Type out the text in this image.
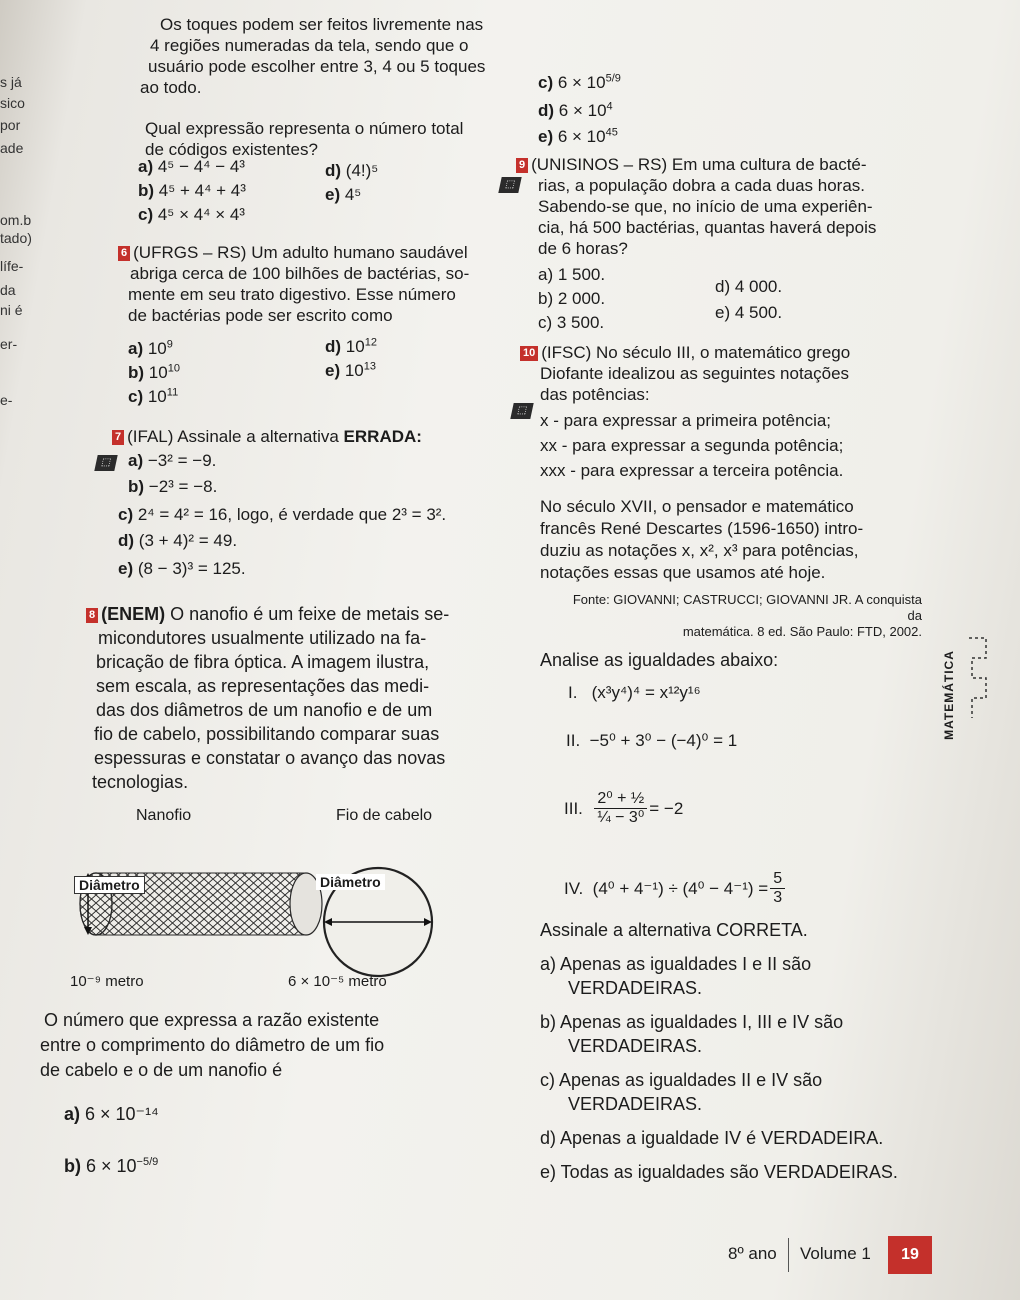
s já
sico
por
ade
om.b
tado)
lífe-
da
ni é
er-
e-
Os toques podem ser feitos livremente nas
4 regiões numeradas da tela, sendo que o
usuário pode escolher entre 3, 4 ou 5 toques
ao todo.
Qual expressão representa o número total
de códigos existentes?
a) 4⁵ − 4⁴ − 4³
b) 4⁵ + 4⁴ + 4³
c) 4⁵ × 4⁴ × 4³
d) (4!)⁵
e) 4⁵
c) $6 \times 10^{5/9}$
d) $6 \times 10^4$
e) $6 \times 10^{45}$
9 (UNISINOS – RS) Em uma cultura de bacté-
rias, a população dobra a cada duas horas.
Sabendo-se que, no início de uma experiên-
cia, há 500 bactérias, quantas haverá depois
de 6 horas?
⬚
a) 1 500.
b) 2 000.
c) 3 500.
d) 4 000.
e) 4 500.
6 (UFRGS – RS) Um adulto humano saudável
abriga cerca de 100 bilhões de bactérias, so-
mente em seu trato digestivo. Esse número
de bactérias pode ser escrito como
a) $10^9$
b) $10^{10}$
c) $10^{11}$
d) $10^{12}$
e) $10^{13}$
7 (IFAL) Assinale a alternativa ERRADA:
⬚ a) −3² = −9.
b) −2³ = −8.
c) 2⁴ = 4² = 16, logo, é verdade que 2³ = 3².
d) (3 + 4)² = 49.
e) (8 − 3)³ = 125.
8 (ENEM) O nanofio é um feixe de metais se-
micondutores usualmente utilizado na fa-
bricação de fibra óptica. A imagem ilustra,
sem escala, as representações das medi-
das dos diâmetros de um nanofio e de um
fio de cabelo, possibilitando comparar suas
espessuras e constatar o avanço das novas
tecnologias.
Nanofio	Fio de cabelo
Diâmetro	Diâmetro
10⁻⁹ metro	6 × 10⁻⁵ metro
O número que expressa a razão existente
entre o comprimento do diâmetro de um fio
de cabelo e o de um nanofio é
a) 6 × 10⁻¹⁴
b) $6 \times 10^{-5/9}$
10 (IFSC) No século III, o matemático grego
Diofante idealizou as seguintes notações
das potências:
⬚
x - para expressar a primeira potência;
xx - para expressar a segunda potência;
xxx - para expressar a terceira potência.
No século XVII, o pensador e matemático
francês René Descartes (1596-1650) intro-
duziu as notações x, x², x³ para potências,
notações essas que usamos até hoje.
Fonte: GIOVANNI; CASTRUCCI; GIOVANNI JR. A conquista da
matemática. 8 ed. São Paulo: FTD, 2002.
Analise as igualdades abaixo:
I.   (x³y⁴)⁴ = x¹²y¹⁶
II.  −5⁰ + 3⁰ − (−4)⁰ = 1
III. $\frac{\text{2⁰ + ½}}{\text{¼ − 3⁰}} = -2$
IV. $(4^0 + 4^{-1}) \div (4^0 - 4^{-1}) = \frac{5}{3}$
Assinale a alternativa CORRETA.
a) Apenas as igualdades I e II são
VERDADEIRAS.
b) Apenas as igualdades I, III e IV são
VERDADEIRAS.
c) Apenas as igualdades II e IV são
VERDADEIRAS.
d) Apenas a igualdade IV é VERDADEIRA.
e) Todas as igualdades são VERDADEIRAS.
MATEMÁTICA
8º ano Volume 1	19
